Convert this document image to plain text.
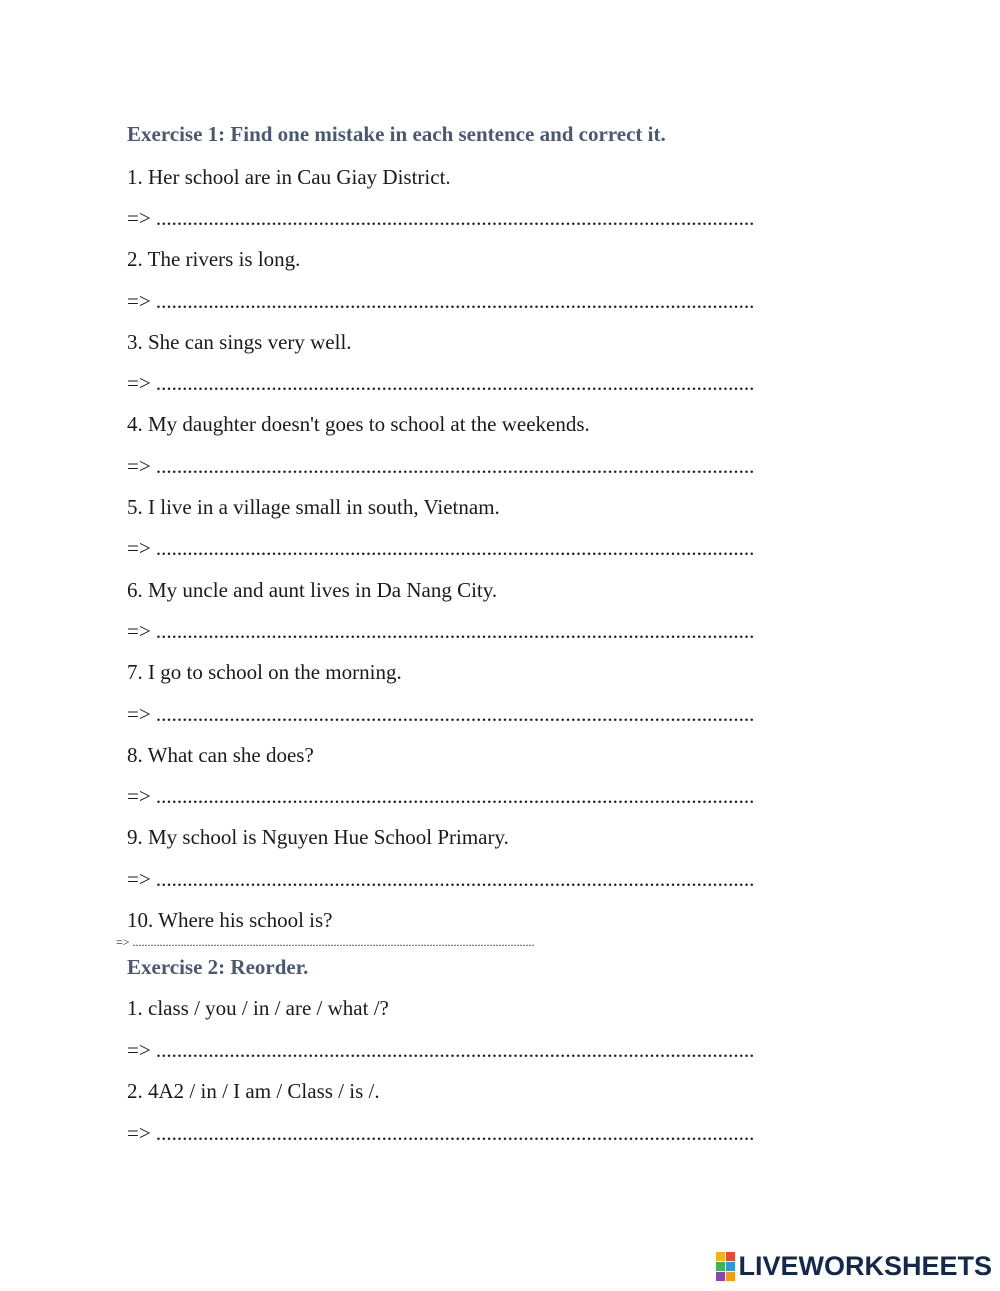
Exercise 1: Find one mistake in each sentence and correct it.
1. Her school are in Cau Giay District.
=> ..................................................................................................................
2. The rivers is long.
=> ..................................................................................................................
3. She can sings very well.
=> ..................................................................................................................
4. My daughter doesn't goes to school at the weekends.
=> ..................................................................................................................
5. I live in a village small in south, Vietnam.
=> ..................................................................................................................
6. My uncle and aunt lives in Da Nang City.
=> ..................................................................................................................
7. I go to school on the morning.
=> ..................................................................................................................
8. What can she does?
=> ..................................................................................................................
9. My school is Nguyen Hue School Primary.
=> ..................................................................................................................
10. Where his school is?
=> ......................................................................................................................................
Exercise 2: Reorder.
1. class / you / in / are / what /?
=> ..................................................................................................................
2. 4A2 / in / I am / Class / is /.
=> ..................................................................................................................
LIVEWORKSHEETS
